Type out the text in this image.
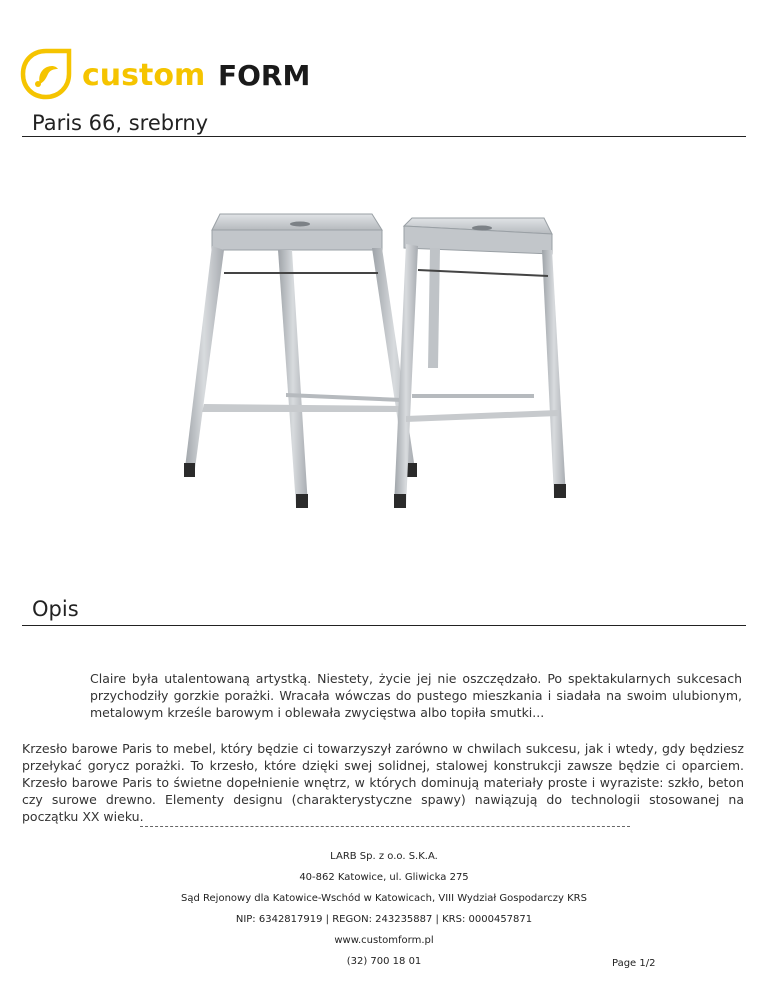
custom FORM
Paris 66, srebrny
Opis
Claire była utalentowaną artystką. Niestety, życie jej nie oszczędzało. Po spektakularnych sukcesach przychodziły gorzkie porażki. Wracała wówczas do pustego mieszkania i siadała na swoim ulubionym, metalowym krześle barowym i oblewała zwycięstwa albo topiła smutki...
Krzesło barowe Paris to mebel, który będzie ci towarzyszył zarówno w chwilach sukcesu, jak i wtedy, gdy będziesz przełykać gorycz porażki. To krzesło, które dzięki swej solidnej, stalowej konstrukcji zawsze będzie ci oparciem. Krzesło barowe Paris to świetne dopełnienie wnętrz, w których dominują materiały proste i wyraziste: szkło, beton czy surowe drewno. Elementy designu (charakterystyczne spawy) nawiązują do technologii stosowanej na początku XX wieku.
LARB Sp. z o.o. S.K.A.
40-862 Katowice, ul. Gliwicka 275
Sąd Rejonowy dla Katowice-Wschód w Katowicach, VIII Wydział Gospodarczy KRS
NIP: 6342817919 | REGON: 243235887 | KRS: 0000457871
www.customform.pl
(32) 700 18 01	Page 1/2
